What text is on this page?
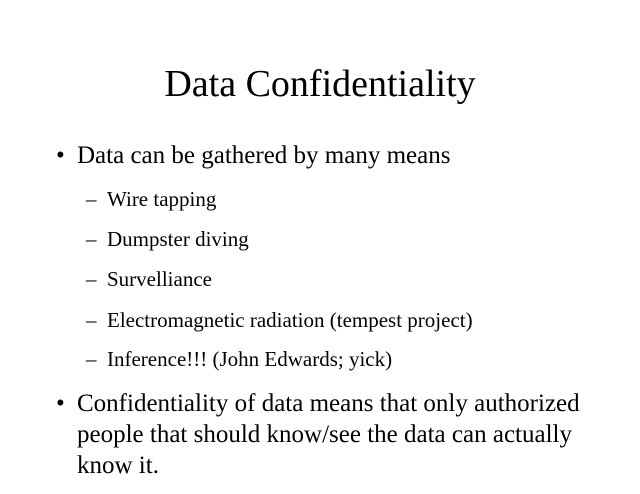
Data Confidentiality
• Data can be gathered by many means
– Wire tapping
– Dumpster diving
– Survelliance
– Electromagnetic radiation (tempest project)
– Inference!!! (John Edwards; yick)
• Confidentiality of data means that only authorized people that should know/see the data can actually know it.
